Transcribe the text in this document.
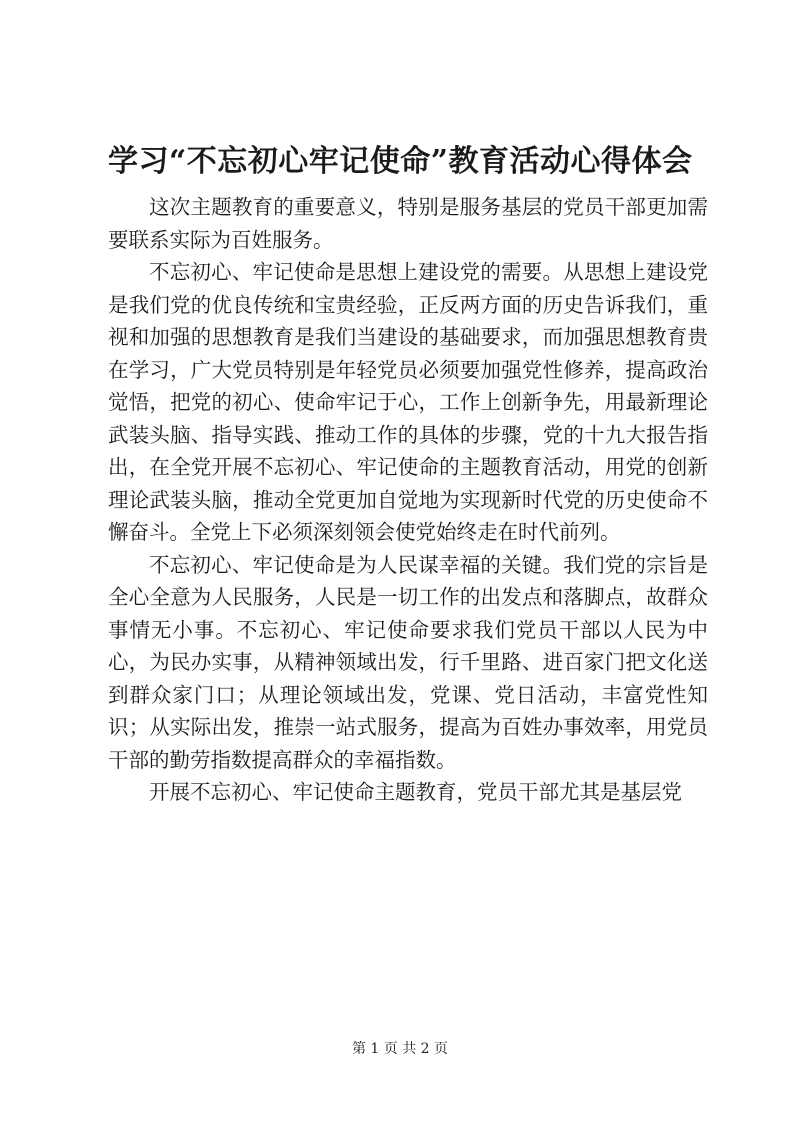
学习“不忘初心牢记使命”教育活动心得体会

这次主题教育的重要意义，特别是服务基层的党员干部更加需要联系实际为百姓服务。

不忘初心、牢记使命是思想上建设党的需要。从思想上建设党是我们党的优良传统和宝贵经验，正反两方面的历史告诉我们，重视和加强的思想教育是我们当建设的基础要求，而加强思想教育贵在学习，广大党员特别是年轻党员必须要加强党性修养，提高政治觉悟，把党的初心、使命牢记于心，工作上创新争先，用最新理论武装头脑、指导实践、推动工作的具体的步骤，党的十九大报告指出，在全党开展不忘初心、牢记使命的主题教育活动，用党的创新理论武装头脑，推动全党更加自觉地为实现新时代党的历史使命不懈奋斗。全党上下必须深刻领会使党始终走在时代前列。

不忘初心、牢记使命是为人民谋幸福的关键。我们党的宗旨是全心全意为人民服务，人民是一切工作的出发点和落脚点，故群众事情无小事。不忘初心、牢记使命要求我们党员干部以人民为中心，为民办实事，从精神领域出发，行千里路、进百家门把文化送到群众家门口；从理论领域出发，党课、党日活动，丰富党性知识；从实际出发，推崇一站式服务，提高为百姓办事效率，用党员干部的勤劳指数提高群众的幸福指数。

开展不忘初心、牢记使命主题教育，党员干部尤其是基层党

第 1 页 共 2 页
